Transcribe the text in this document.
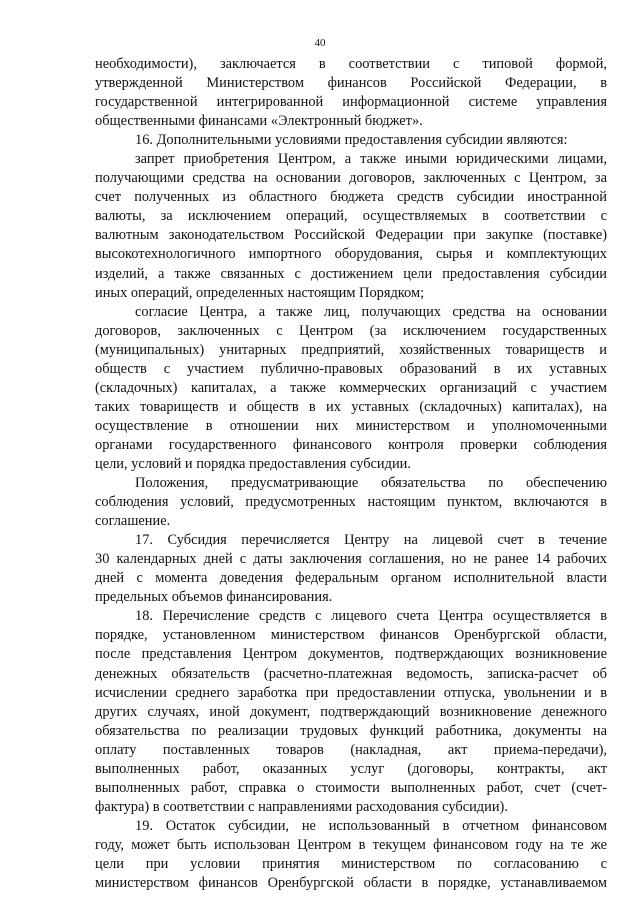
40
необходимости), заключается в соответствии с типовой формой,
утвержденной Министерством финансов Российской Федерации, в
государственной интегрированной информационной системе управления
общественными финансами «Электронный бюджет».
16. Дополнительными условиями предоставления субсидии являются:
запрет приобретения Центром, а также иными юридическими лицами,
получающими средства на основании договоров, заключенных с Центром, за
счет полученных из областного бюджета средств субсидии иностранной
валюты, за исключением операций, осуществляемых в соответствии с
валютным законодательством Российской Федерации при закупке (поставке)
высокотехнологичного импортного оборудования, сырья и комплектующих
изделий, а также связанных с достижением цели предоставления субсидии
иных операций, определенных настоящим Порядком;
согласие Центра, а также лиц, получающих средства на основании
договоров, заключенных с Центром (за исключением государственных
(муниципальных) унитарных предприятий, хозяйственных товариществ и
обществ с участием публично-правовых образований в их уставных
(складочных) капиталах, а также коммерческих организаций с участием
таких товариществ и обществ в их уставных (складочных) капиталах), на
осуществление в отношении них министерством и уполномоченными
органами государственного финансового контроля проверки соблюдения
цели, условий и порядка предоставления субсидии.
Положения, предусматривающие обязательства по обеспечению
соблюдения условий, предусмотренных настоящим пунктом, включаются в
соглашение.
17. Субсидия перечисляется Центру на лицевой счет в течение
30 календарных дней с даты заключения соглашения, но не ранее 14 рабочих
дней с момента доведения федеральным органом исполнительной власти
предельных объемов финансирования.
18. Перечисление средств с лицевого счета Центра осуществляется в
порядке, установленном министерством финансов Оренбургской области,
после представления Центром документов, подтверждающих возникновение
денежных обязательств (расчетно-платежная ведомость, записка-расчет об
исчислении среднего заработка при предоставлении отпуска, увольнении и в
других случаях, иной документ, подтверждающий возникновение денежного
обязательства по реализации трудовых функций работника, документы на
оплату поставленных товаров (накладная, акт приема-передачи),
выполненных работ, оказанных услуг (договоры, контракты, акт
выполненных работ, справка о стоимости выполненных работ, счет (счет-
фактура) в соответствии с направлениями расходования субсидии).
19. Остаток субсидии, не использованный в отчетном финансовом
году, может быть использован Центром в текущем финансовом году на те же
цели при условии принятия министерством по согласованию с
министерством финансов Оренбургской области в порядке, устанавливаемом
